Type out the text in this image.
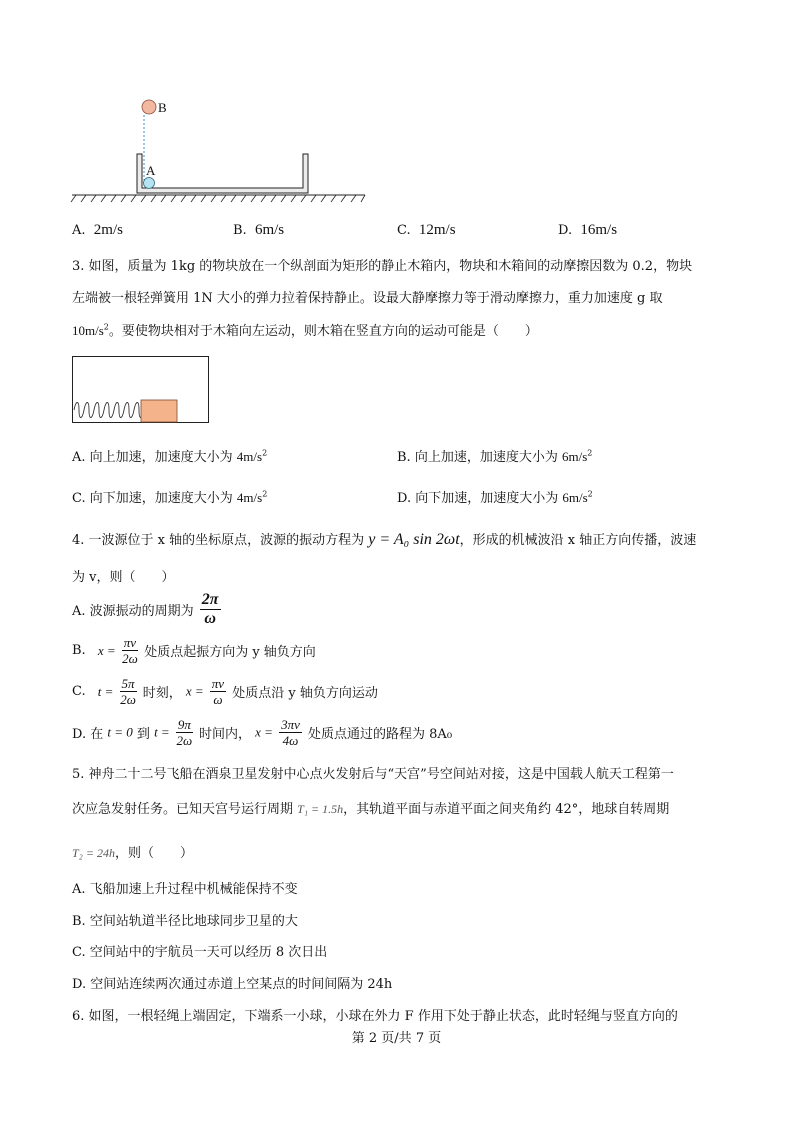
B
A
A. 2m/s	B. 6m/s	C. 12m/s	D. 16m/s
3. 如图，质量为 1kg 的物块放在一个纵剖面为矩形的静止木箱内，物块和木箱间的动摩擦因数为 0.2，物块
左端被一根轻弹簧用 1N 大小的弹力拉着保持静止。设最大静摩擦力等于滑动摩擦力，重力加速度 g 取
$10m/s^2$。要使物块相对于木箱向左运动，则木箱在竖直方向的运动可能是（　　）
A. 向上加速，加速度大小为 $4m/s^2$	B. 向上加速，加速度大小为 $6m/s^2$
C. 向下加速，加速度大小为 $4m/s^2$	D. 向下加速，加速度大小为 $6m/s^2$
4. 一波源位于 x 轴的坐标原点，波源的振动方程为 y = A₀ sin 2ωt，形成的机械波沿 x 轴正方向传播，波速
为 v，则（　　）
A. 波源振动的周期为 $\frac{2\pi}{\omega}$
B. $x = \frac{\pi v}{2\omega}$ 处质点起振方向为 y 轴负方向
C. $t = \frac{5\pi}{2\omega}$ 时刻， $x = \frac{\pi v}{\omega}$ 处质点沿 y 轴负方向运动
D. 在 t = 0 到 $t = \frac{9\pi}{2\omega}$ 时间内， $x = \frac{3\pi v}{4\omega}$ 处质点通过的路程为 8A₀
5. 神舟二十二号飞船在酒泉卫星发射中心点火发射后与“天宫”号空间站对接，这是中国载人航天工程第一
次应急发射任务。已知天宫号运行周期 T₁ = 1.5h，其轨道平面与赤道平面之间夹角约 42°，地球自转周期
T₂ = 24h，则（　　）
A. 飞船加速上升过程中机械能保持不变
B. 空间站轨道半径比地球同步卫星的大
C. 空间站中的宇航员一天可以经历 8 次日出
D. 空间站连续两次通过赤道上空某点的时间间隔为 24h
6. 如图，一根轻绳上端固定，下端系一小球，小球在外力 F 作用下处于静止状态，此时轻绳与竖直方向的
第 2 页/共 7 页
